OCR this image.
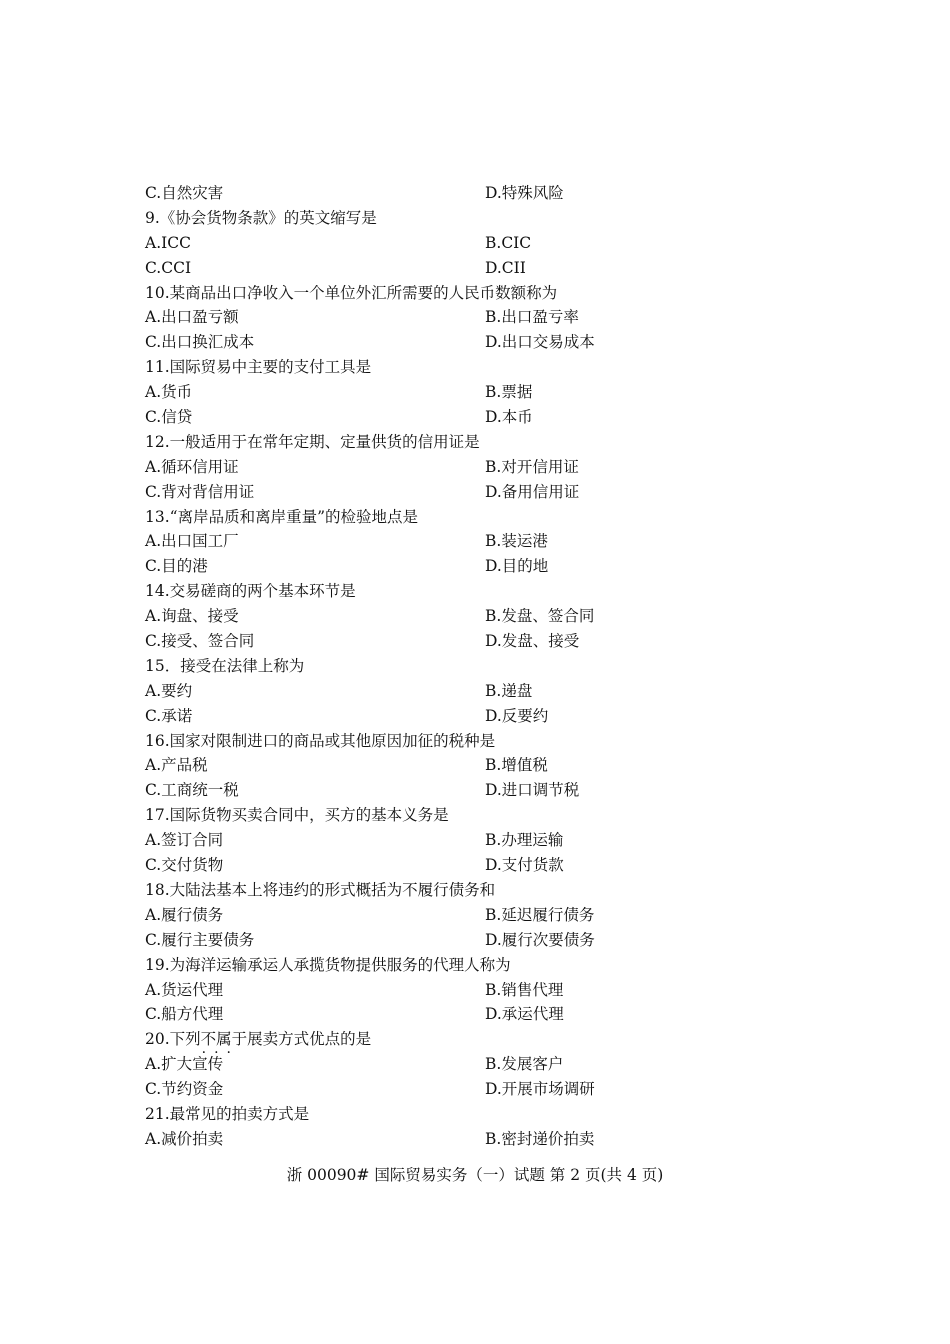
C.自然灾害	D.特殊风险
9.《协会货物条款》的英文缩写是
A.ICC	B.CIC
C.CCI	D.CII
10.某商品出口净收入一个单位外汇所需要的人民币数额称为
A.出口盈亏额	B.出口盈亏率
C.出口换汇成本	D.出口交易成本
11.国际贸易中主要的支付工具是
A.货币	B.票据
C.信贷	D.本币
12.一般适用于在常年定期、定量供货的信用证是
A.循环信用证	B.对开信用证
C.背对背信用证	D.备用信用证
13.“离岸品质和离岸重量”的检验地点是
A.出口国工厂	B.装运港
C.目的港	D.目的地
14.交易磋商的两个基本环节是
A.询盘、接受	B.发盘、签合同
C.接受、签合同	D.发盘、接受
15．接受在法律上称为
A.要约	B.递盘
C.承诺	D.反要约
16.国家对限制进口的商品或其他原因加征的税种是
A.产品税	B.增值税
C.工商统一税	D.进口调节税
17.国际货物买卖合同中，买方的基本义务是
A.签订合同	B.办理运输
C.交付货物	D.支付货款
18.大陆法基本上将违约的形式概括为不履行债务和
A.履行债务	B.延迟履行债务
C.履行主要债务	D.履行次要债务
19.为海洋运输承运人承揽货物提供服务的代理人称为
A.货运代理	B.销售代理
C.船方代理	D.承运代理
20.下列不属于 ···展卖方式优点的是
A.扩大宣传	B.发展客户
C.节约资金	D.开展市场调研
21.最常见的拍卖方式是
A.减价拍卖	B.密封递价拍卖
浙 00090# 国际贸易实务（一）试题 第 2 页(共 4 页)
